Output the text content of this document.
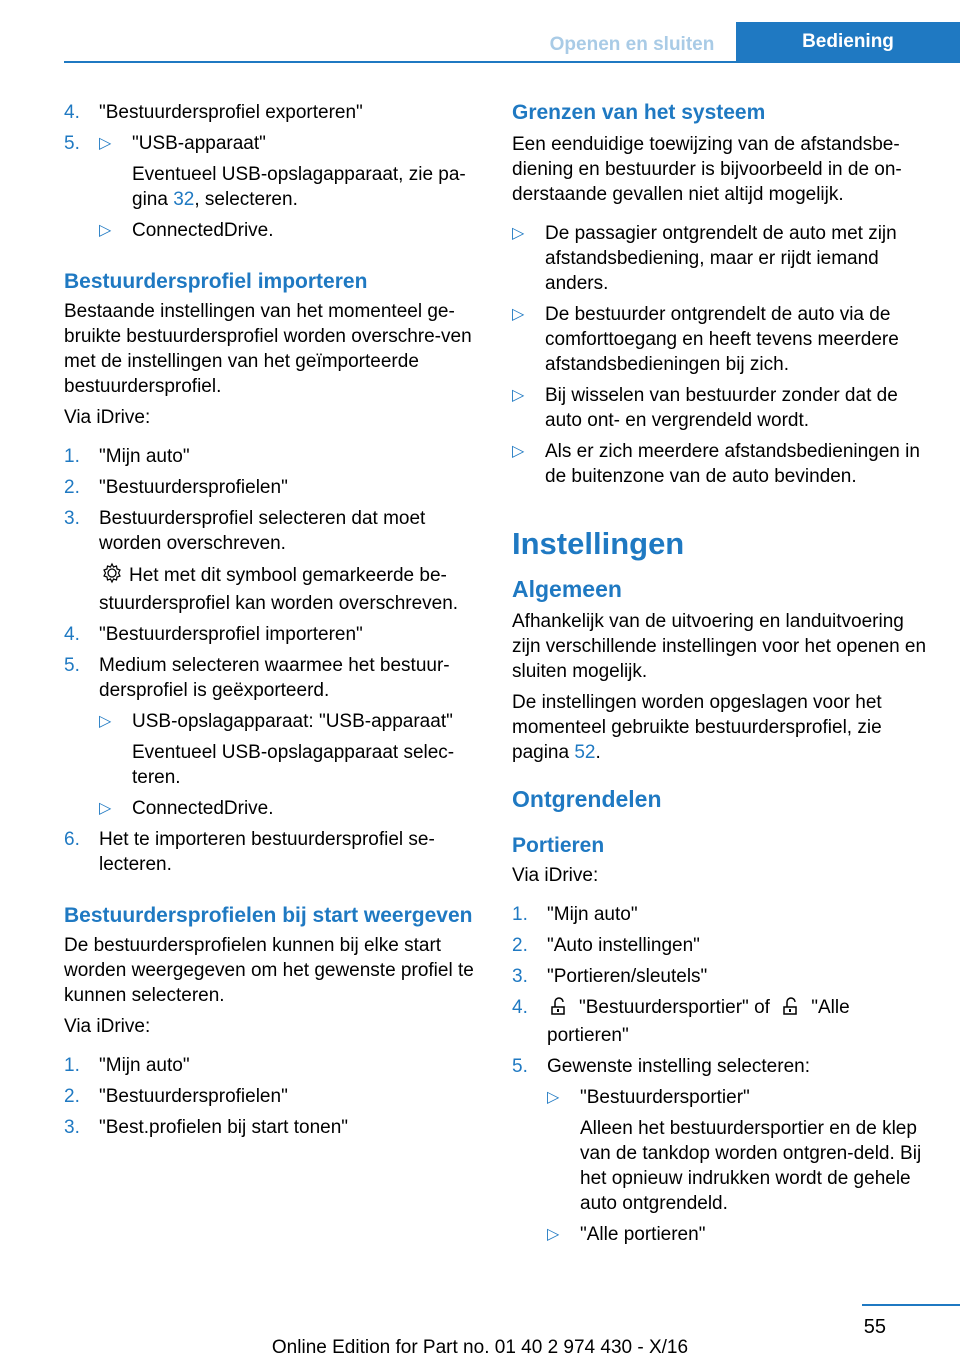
Openen en sluiten	Bediening
4. "Bestuurdersprofiel exporteren"
5. ▷ "USB-apparaat"
Eventueel USB-opslagapparaat, zie pa‐gina 32, selecteren.
▷ ConnectedDrive.
Bestuurdersprofiel importeren

Bestaande instellingen van het momenteel ge‐bruikte bestuurdersprofiel worden overschre‐ven met de instellingen van het geïmporteerde bestuurdersprofiel.

Via iDrive:

1. "Mijn auto"
2. "Bestuurdersprofielen"
3. Bestuurdersprofiel selecteren dat moet worden overschreven.
Het met dit symbool gemarkeerde be‐stuurdersprofiel kan worden overschreven.
4. "Bestuurdersprofiel importeren"
5. Medium selecteren waarmee het bestuur‐dersprofiel is geëxporteerd.
▷ USB-opslagapparaat: "USB-apparaat"
Eventueel USB-opslagapparaat selec‐teren.
▷ ConnectedDrive.
6. Het te importeren bestuurdersprofiel se‐lecteren.
Bestuurdersprofielen bij start weergeven

De bestuurdersprofielen kunnen bij elke start worden weergegeven om het gewenste profiel te kunnen selecteren.

Via iDrive:

1. "Mijn auto"
2. "Bestuurdersprofielen"
3. "Best.profielen bij start tonen"
Grenzen van het systeem

Een eenduidige toewijzing van de afstandsbe‐diening en bestuurder is bijvoorbeeld in de on‐derstaande gevallen niet altijd mogelijk.

▷ De passagier ontgrendelt de auto met zijn afstandsbediening, maar er rijdt iemand anders.
▷ De bestuurder ontgrendelt de auto via de comforttoegang en heeft tevens meerdere afstandsbedieningen bij zich.
▷ Bij wisselen van bestuurder zonder dat de auto ont- en vergrendeld wordt.
▷ Als er zich meerdere afstandsbedieningen in de buitenzone van de auto bevinden.
Instellingen
Algemeen

Afhankelijk van de uitvoering en landuitvoering zijn verschillende instellingen voor het openen en sluiten mogelijk.

De instellingen worden opgeslagen voor het momenteel gebruikte bestuurdersprofiel, zie pagina 52.

Ontgrendelen
Portieren

Via iDrive:

1. "Mijn auto"
2. "Auto instellingen"
3. "Portieren/sleutels"
4.	"Bestuurdersportier" of "Alle portieren"
5. Gewenste instelling selecteren:
▷ "Bestuurdersportier"
Alleen het bestuurdersportier en de klep van de tankdop worden ontgren‐deld. Bij het opnieuw indrukken wordt de gehele auto ontgrendeld.
▷ "Alle portieren"
55
Online Edition for Part no. 01 40 2 974 430 - X/16
